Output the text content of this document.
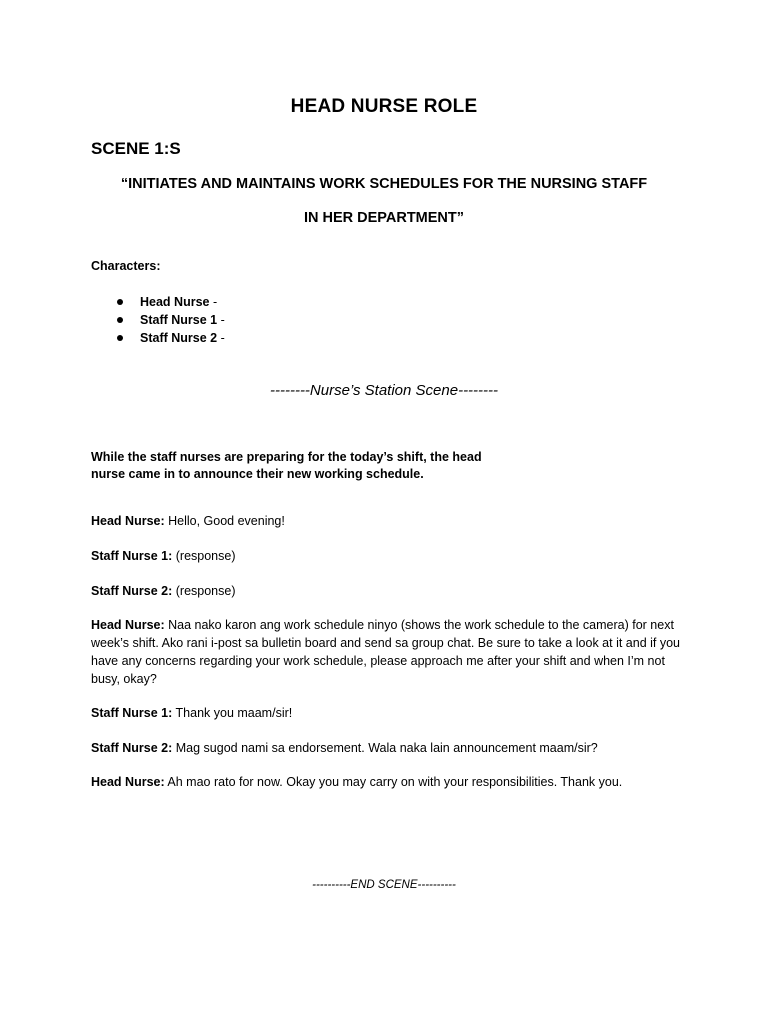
HEAD NURSE ROLE
SCENE 1:S
“INITIATES AND MAINTAINS WORK SCHEDULES FOR THE NURSING STAFF
IN HER DEPARTMENT”
Characters:
Head Nurse -
Staff Nurse 1 -
Staff Nurse 2 -
--------Nurse’s Station Scene--------
While the staff nurses are preparing for the today’s shift, the head nurse came in to announce their new working schedule.
Head Nurse: Hello, Good evening!
Staff Nurse 1: (response)
Staff Nurse 2: (response)
Head Nurse: Naa nako karon ang work schedule ninyo (shows the work schedule to the camera) for next week’s shift. Ako rani i-post sa bulletin board and send sa group chat. Be sure to take a look at it and if you have any concerns regarding your work schedule, please approach me after your shift and when I’m not busy, okay?
Staff Nurse 1: Thank you maam/sir!
Staff Nurse 2: Mag sugod nami sa endorsement. Wala naka lain announcement maam/sir?
Head Nurse: Ah mao rato for now. Okay you may carry on with your responsibilities. Thank you.
----------END SCENE----------
